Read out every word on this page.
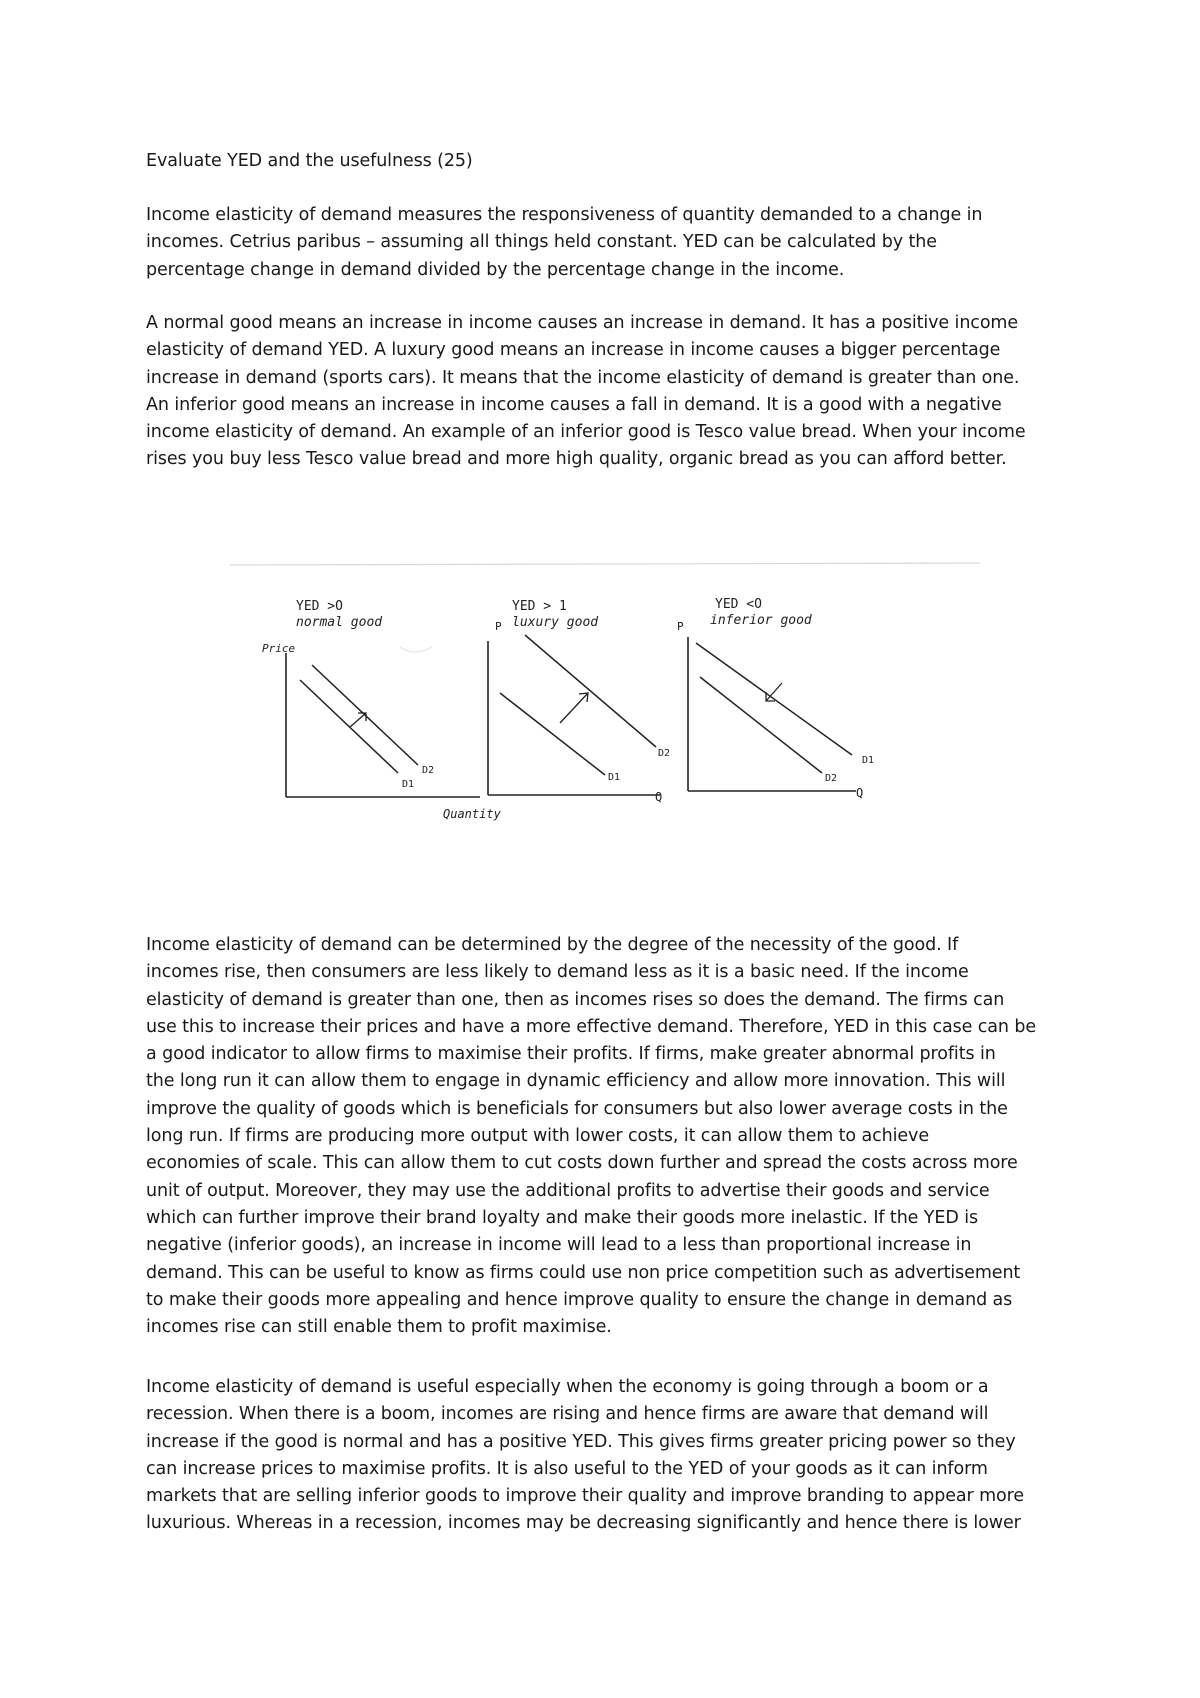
Evaluate YED and the usefulness (25)
Income elasticity of demand measures the responsiveness of quantity demanded to a change in
incomes. Cetrius paribus – assuming all things held constant. YED can be calculated by the
percentage change in demand divided by the percentage change in the income.
A normal good means an increase in income causes an increase in demand. It has a positive income
elasticity of demand YED. A luxury good means an increase in income causes a bigger percentage
increase in demand (sports cars). It means that the income elasticity of demand is greater than one.
An inferior good means an increase in income causes a fall in demand. It is a good with a negative
income elasticity of demand. An example of an inferior good is Tesco value bread. When your income
rises you buy less Tesco value bread and more high quality, organic bread as you can afford better.
YED >O
normal good
Price
D1
D2
Quantity
YED > 1
luxury good
P
D1
D2
Q
YED <O
inferior good
P
D1
D2
Q
Income elasticity of demand can be determined by the degree of the necessity of the good. If
incomes rise, then consumers are less likely to demand less as it is a basic need. If the income
elasticity of demand is greater than one, then as incomes rises so does the demand. The firms can
use this to increase their prices and have a more effective demand. Therefore, YED in this case can be
a good indicator to allow firms to maximise their profits. If firms, make greater abnormal profits in
the long run it can allow them to engage in dynamic efficiency and allow more innovation. This will
improve the quality of goods which is beneficials for consumers but also lower average costs in the
long run. If firms are producing more output with lower costs, it can allow them to achieve
economies of scale. This can allow them to cut costs down further and spread the costs across more
unit of output. Moreover, they may use the additional profits to advertise their goods and service
which can further improve their brand loyalty and make their goods more inelastic. If the YED is
negative (inferior goods), an increase in income will lead to a less than proportional increase in
demand. This can be useful to know as firms could use non price competition such as advertisement
to make their goods more appealing and hence improve quality to ensure the change in demand as
incomes rise can still enable them to profit maximise.
Income elasticity of demand is useful especially when the economy is going through a boom or a
recession. When there is a boom, incomes are rising and hence firms are aware that demand will
increase if the good is normal and has a positive YED. This gives firms greater pricing power so they
can increase prices to maximise profits. It is also useful to the YED of your goods as it can inform
markets that are selling inferior goods to improve their quality and improve branding to appear more
luxurious. Whereas in a recession, incomes may be decreasing significantly and hence there is lower
